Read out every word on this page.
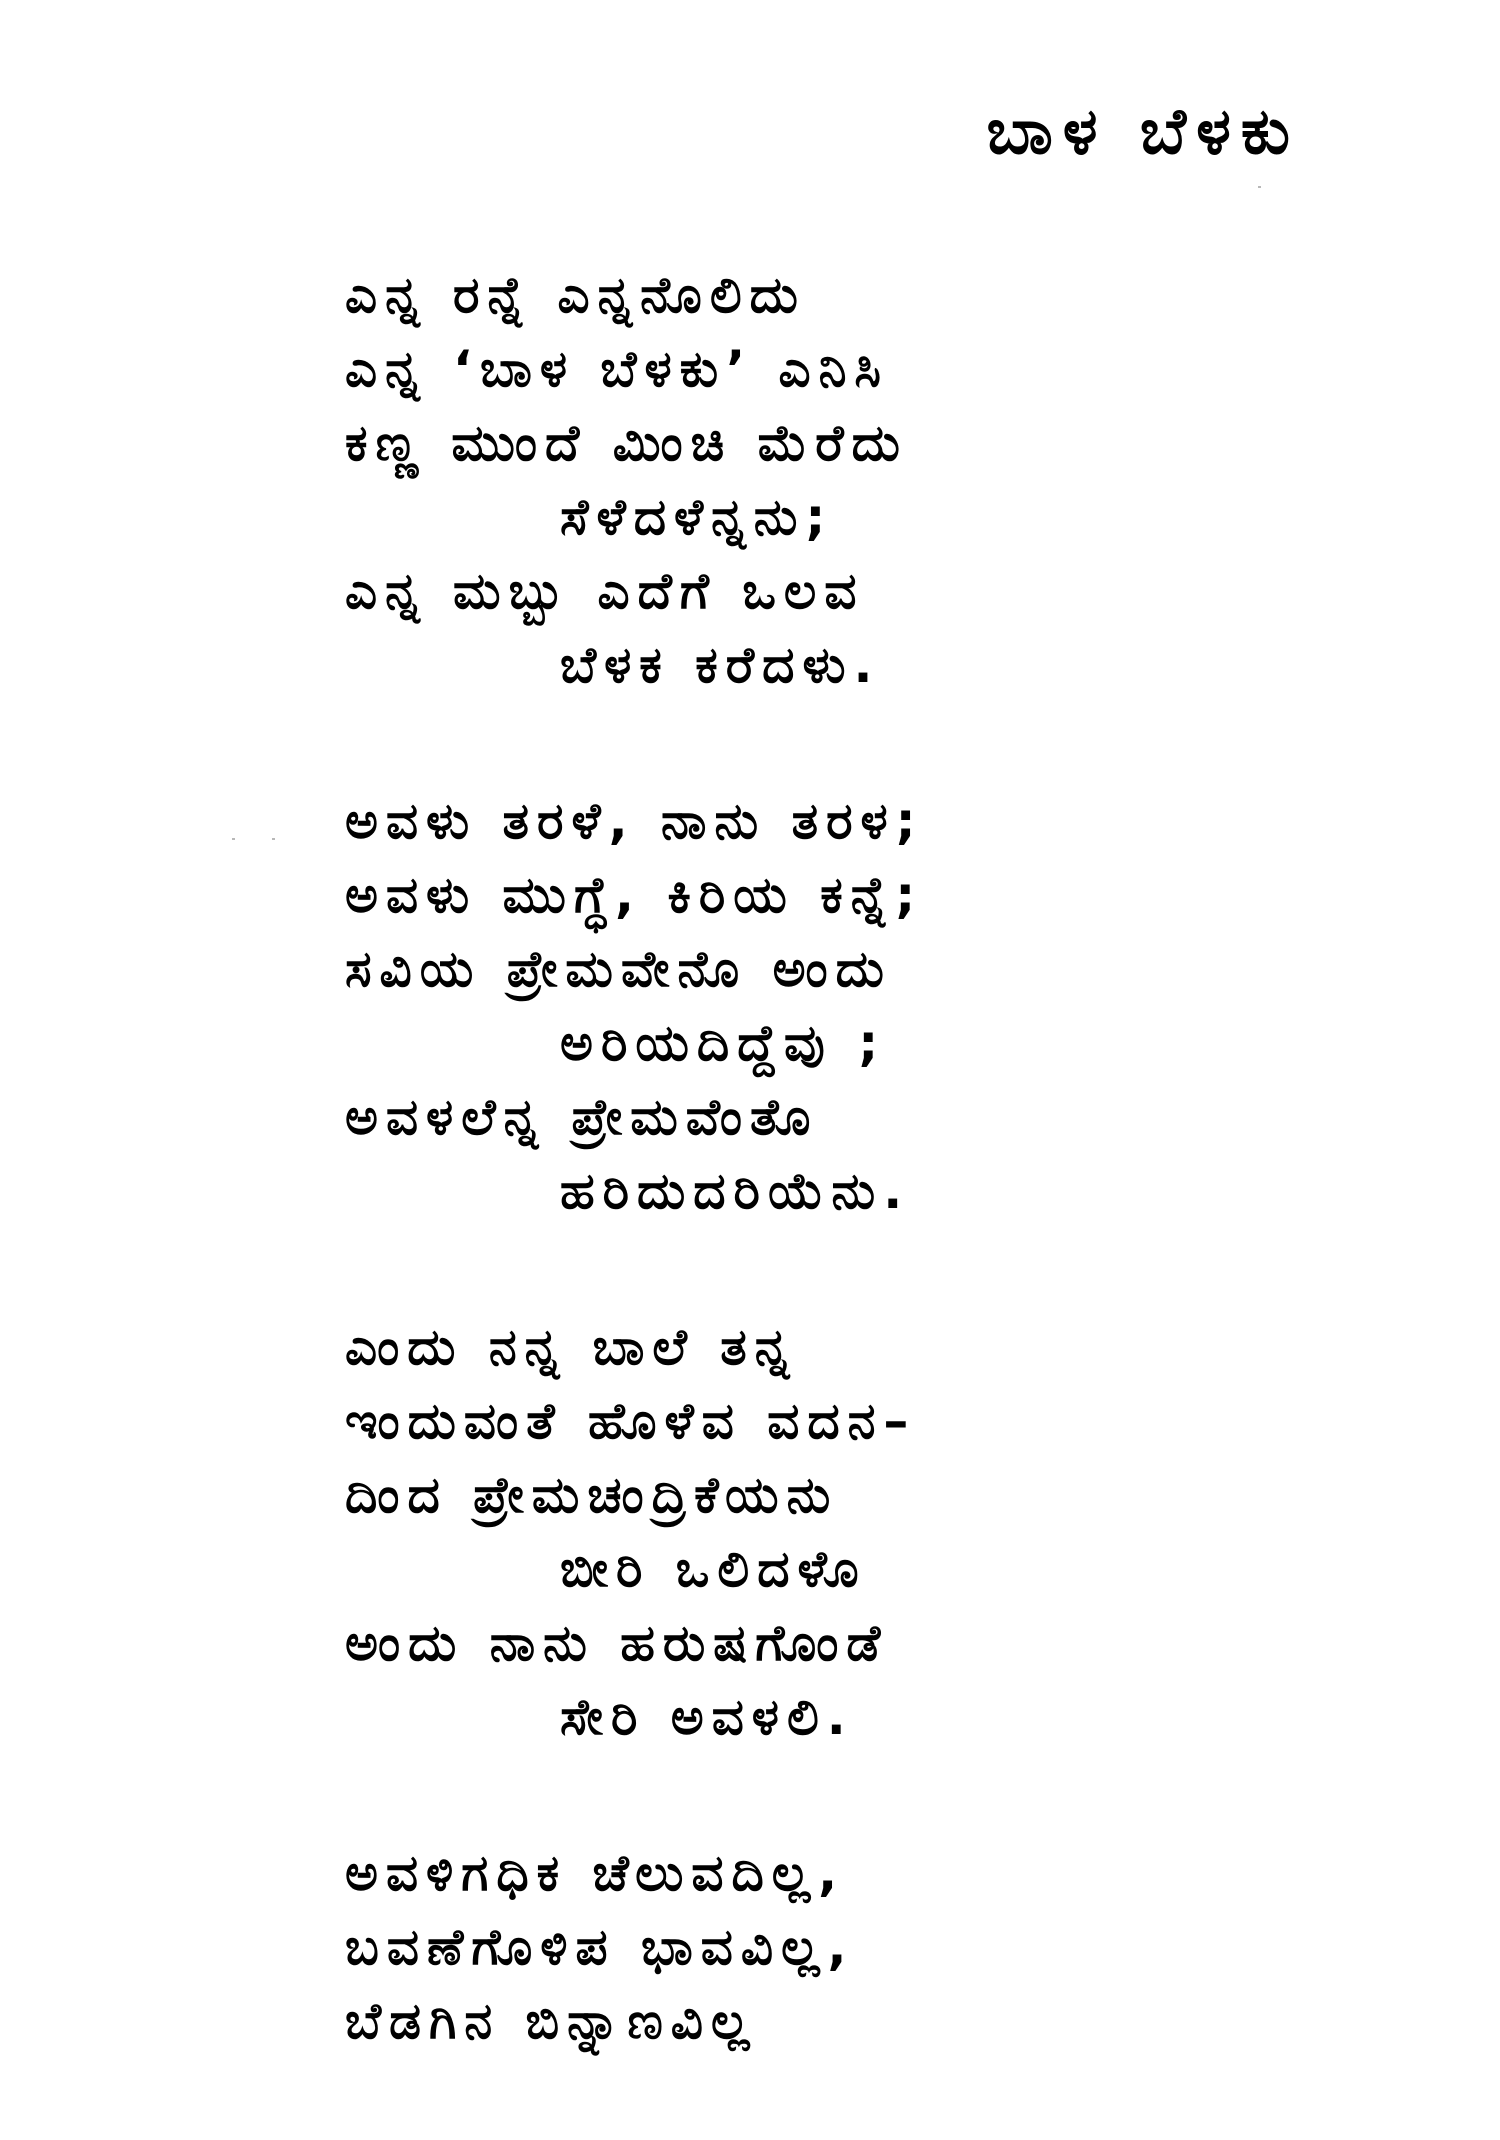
ಬಾಳ ಬೆಳಕು
ಎನ್ನ ರನ್ನೆ ಎನ್ನನೊಲಿದು
ಎನ್ನ ‘ಬಾಳ ಬೆಳಕು’ ಎನಿಸಿ
ಕಣ್ಣ ಮುಂದೆ ಮಿಂಚಿ ಮೆರೆದು
ಸೆಳೆದಳೆನ್ನನು;
ಎನ್ನ ಮಬ್ಬು ಎದೆಗೆ ಒಲವ
ಬೆಳಕ ಕರೆದಳು.
ಅವಳು ತರಳೆ, ನಾನು ತರಳ;
ಅವಳು ಮುಗ್ಧೆ, ಕಿರಿಯ ಕನ್ನೆ;
ಸವಿಯ ಪ್ರೇಮವೇನೊ ಅಂದು
ಅರಿಯದಿದ್ದೆವು ;
ಅವಳಲೆನ್ನ ಪ್ರೇಮವೆಂತೊ
ಹರಿದುದರಿಯೆನು.
ಎಂದು ನನ್ನ ಬಾಲೆ ತನ್ನ
ಇಂದುವಂತೆ ಹೊಳೆವ ವದನ–
ದಿಂದ ಪ್ರೇಮಚಂದ್ರಿಕೆಯನು
ಬೀರಿ ಒಲಿದಳೊ
ಅಂದು ನಾನು ಹರುಷಗೊಂಡೆ
ಸೇರಿ ಅವಳಲಿ.
ಅವಳಿಗಧಿಕ ಚೆಲುವದಿಲ್ಲ,
ಬವಣೆಗೊಳಿಪ ಭಾವವಿಲ್ಲ,
ಬೆಡಗಿನ ಬಿನ್ನಾಣವಿಲ್ಲ
